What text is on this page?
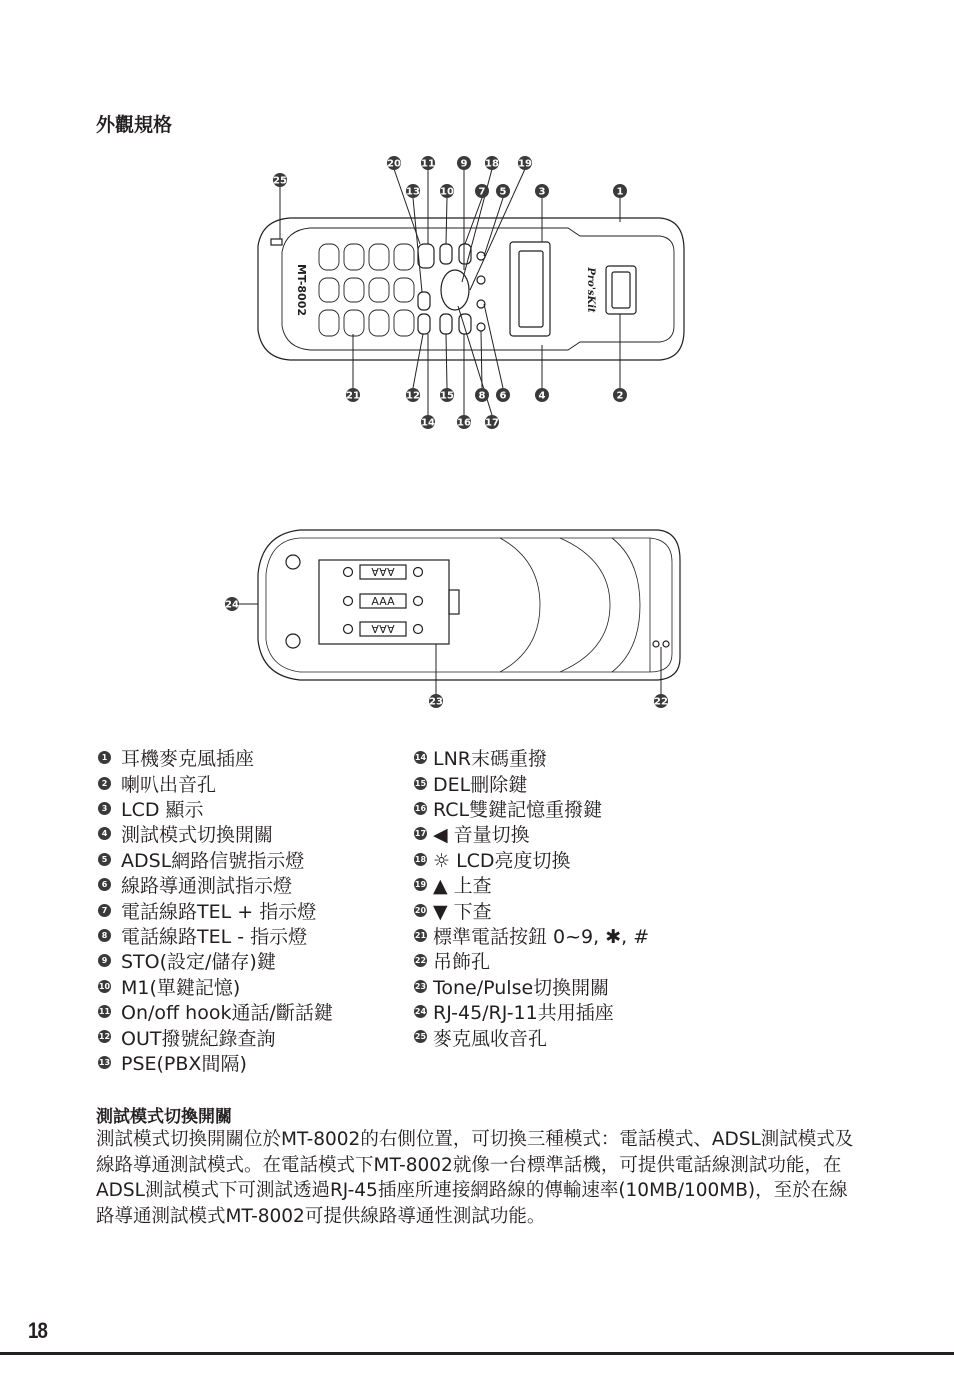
外觀規格
MT-8002	Pro'sKit
AAA
AAA
AAA
25
20 11	9 18 19
13 10 7 5	3	1
21	12 15 8 6	4	2
14 16 17
24
23	22
1 耳機麥克風插座
2 喇叭出音孔
3 LCD 顯示
4 測試模式切換開關
5 ADSL網路信號指示燈
6 線路導通測試指示燈
7 電話線路TEL + 指示燈
8 電話線路TEL - 指示燈
9 STO(設定/儲存)鍵
10 M1(單鍵記憶)
11 On/off hook通話/斷話鍵
12 OUT撥號紀錄查詢
13 PSE(PBX間隔)
14 LNR末碼重撥
15 DEL刪除鍵
16 RCL雙鍵記憶重撥鍵
17 ◀ 音量切換
18 ☼ LCD亮度切換
19 ▲ 上查
20 ▼ 下查
21 標準電話按鈕 0~9, ✱, #
22 吊飾孔
23 Tone/Pulse切換開關
24 RJ-45/RJ-11共用插座
25 麥克風收音孔
測試模式切換開關
測試模式切換開關位於MT-8002的右側位置，可切換三種模式：電話模式、ADSL測試模式及線路導通測試模式。在電話模式下MT-8002就像一台標準話機，可提供電話線測試功能，在ADSL測試模式下可測試透過RJ-45插座所連接網路線的傳輸速率(10MB/100MB)，至於在線路導通測試模式MT-8002可提供線路導通性測試功能。
18
